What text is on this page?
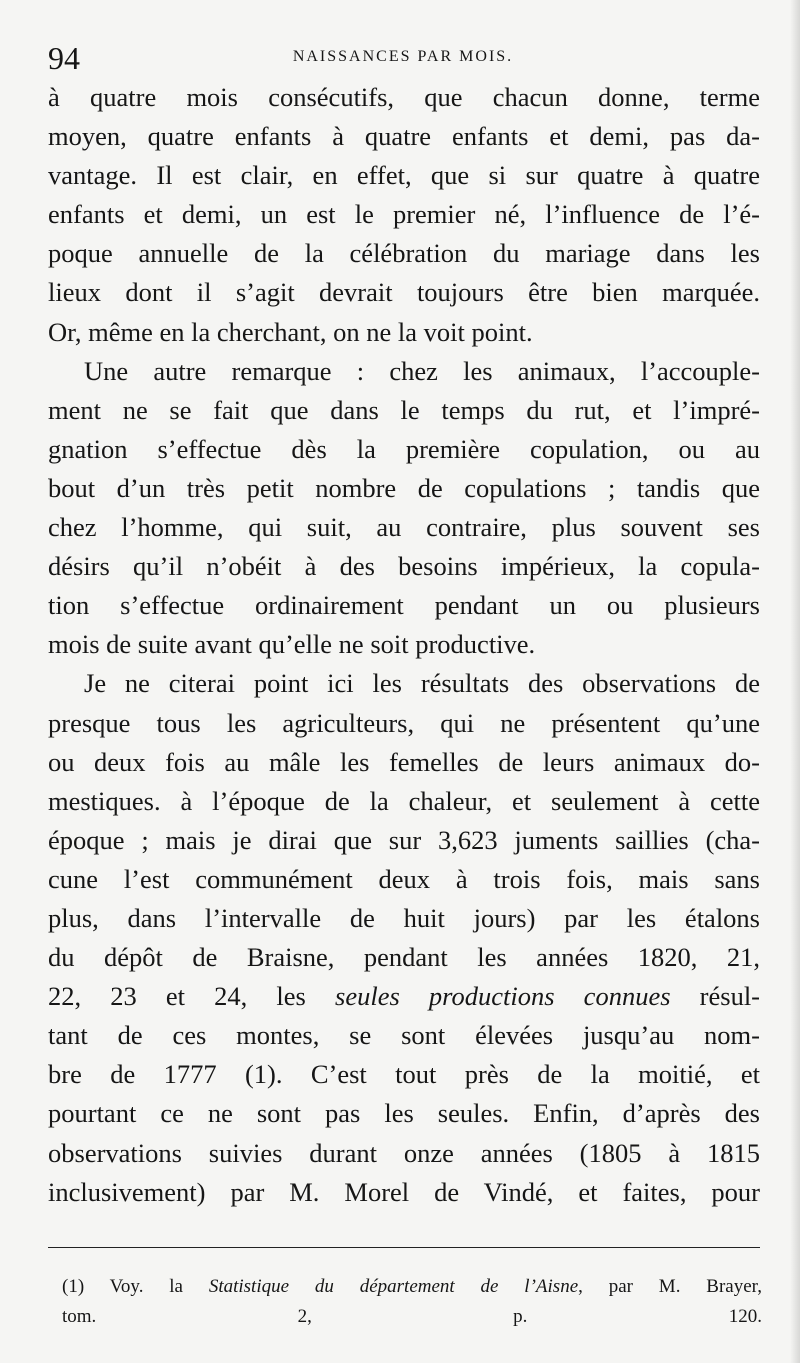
94	NAISSANCES PAR MOIS.
à quatre mois consécutifs, que chacun donne, terme
moyen, quatre enfants à quatre enfants et demi, pas da-
vantage. Il est clair, en effet, que si sur quatre à quatre
enfants et demi, un est le premier né, l’influence de l’é-
poque annuelle de la célébration du mariage dans les
lieux dont il s’agit devrait toujours être bien marquée.
Or, même en la cherchant, on ne la voit point.
Une autre remarque : chez les animaux, l’accouple-
ment ne se fait que dans le temps du rut, et l’impré-
gnation s’effectue dès la première copulation, ou au
bout d’un très petit nombre de copulations ; tandis que
chez l’homme, qui suit, au contraire, plus souvent ses
désirs qu’il n’obéit à des besoins impérieux, la copula-
tion s’effectue ordinairement pendant un ou plusieurs
mois de suite avant qu’elle ne soit productive.
Je ne citerai point ici les résultats des observations de
presque tous les agriculteurs, qui ne présentent qu’une
ou deux fois au mâle les femelles de leurs animaux do-
mestiques. à l’époque de la chaleur, et seulement à cette
époque ; mais je dirai que sur 3,623 juments saillies (cha-
cune l’est communément deux à trois fois, mais sans
plus, dans l’intervalle de huit jours) par les étalons
du dépôt de Braisne, pendant les années 1820, 21,
22, 23 et 24, les seules productions connues résul-
tant de ces montes, se sont élevées jusqu’au nom-
bre de 1777 (1). C’est tout près de la moitié, et
pourtant ce ne sont pas les seules. Enfin, d’après des
observations suivies durant onze années (1805 à 1815
inclusivement) par M. Morel de Vindé, et faites, pour
(1) Voy. la Statistique du département de l’Aisne, par M. Brayer,
tom. 2, p. 120.
